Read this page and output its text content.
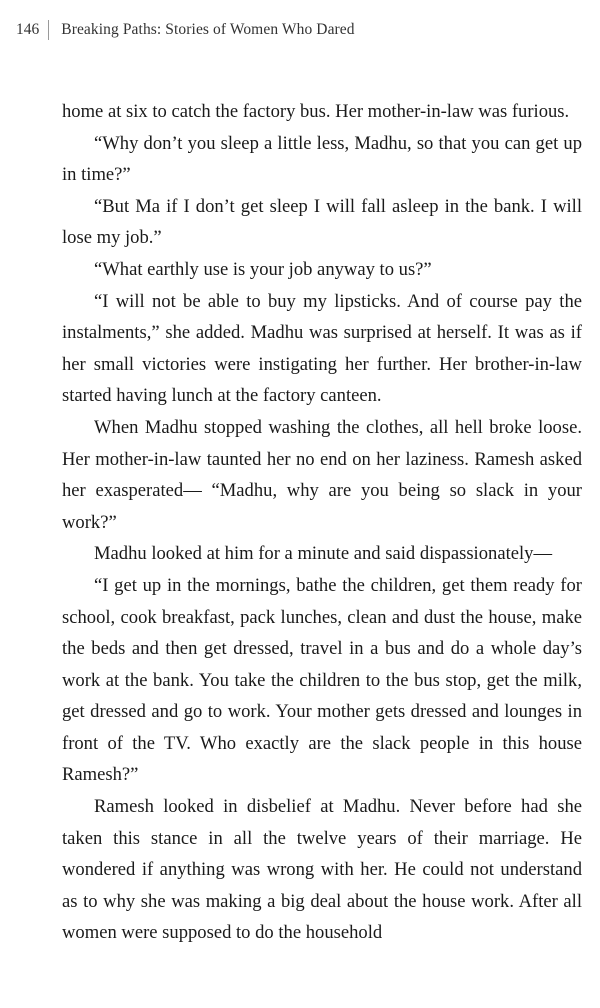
146	Breaking Paths: Stories of Women Who Dared

home at six to catch the factory bus. Her mother-in-law was furious.

“Why don’t you sleep a little less, Madhu, so that you can get up in time?”

“But Ma if I don’t get sleep I will fall asleep in the bank. I will lose my job.”

“What earthly use is your job anyway to us?”

“I will not be able to buy my lipsticks. And of course pay the instalments,” she added. Madhu was surprised at herself. It was as if her small victories were instigating her further. Her brother-in-law started having lunch at the factory canteen.

When Madhu stopped washing the clothes, all hell broke loose. Her mother-in-law taunted her no end on her laziness. Ramesh asked her exasperated— “Madhu, why are you being so slack in your work?”

Madhu looked at him for a minute and said dispassionately—

“I get up in the mornings, bathe the children, get them ready for school, cook breakfast, pack lunches, clean and dust the house, make the beds and then get dressed, travel in a bus and do a whole day’s work at the bank. You take the children to the bus stop, get the milk, get dressed and go to work. Your mother gets dressed and lounges in front of the TV. Who exactly are the slack people in this house Ramesh?”

Ramesh looked in disbelief at Madhu. Never before had she taken this stance in all the twelve years of their marriage. He wondered if anything was wrong with her. He could not understand as to why she was making a big deal about the house work. After all women were supposed to do the household
